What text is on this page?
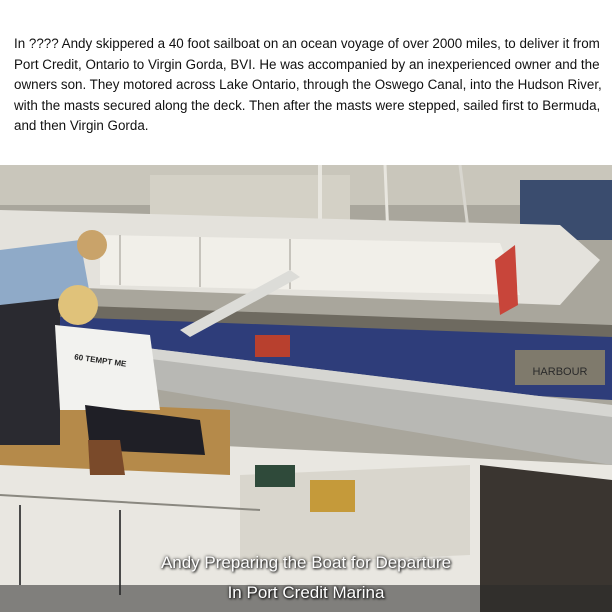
In ???? Andy skippered a 40 foot sailboat on an ocean voyage of over 2000 miles, to deliver it from Port Credit, Ontario to Virgin Gorda, BVI. He was accompanied by an inexperienced owner and the owners son. They motored across Lake Ontario, through the Oswego Canal, into the Hudson River, with the masts secured along the deck. Then after the masts were stepped, sailed first to Bermuda, and then Virgin Gorda.

HARBOUR
60 TEMPT ME
Andy Preparing the Boat for Departure
In Port Credit Marina
